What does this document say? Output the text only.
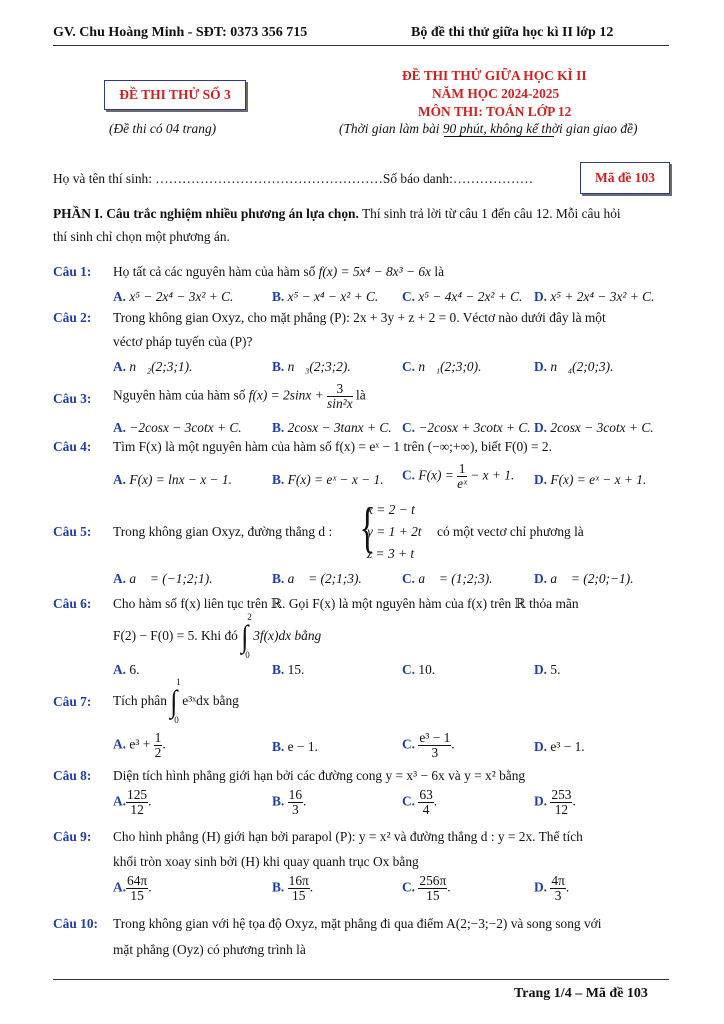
GV. Chu Hoàng Minh - SĐT: 0373 356 715	Bộ đề thi thử giữa học kì II lớp 12
ĐỀ THI THỬ SỐ 3
(Đề thi có 04 trang)
ĐỀ THI THỬ GIỮA HỌC KÌ II
NĂM HỌC 2024-2025
MÔN THI: TOÁN LỚP 12
(Thời gian làm bài 90 phút, không kể thời gian giao đề)
Họ và tên thí sinh: ……………………………………………Số báo danh:………………	Mã đề 103
PHẦN I. Câu trắc nghiệm nhiều phương án lựa chọn. Thí sinh trả lời từ câu 1 đến câu 12. Mỗi câu hỏi
thí sinh chỉ chọn một phương án.
Câu 1: Họ tất cả các nguyên hàm của hàm số f(x) = 5x⁴ − 8x³ − 6x là
A. x⁵ − 2x⁴ − 3x² + C.	B. x⁵ − x⁴ − x² + C. C. x⁵ − 4x⁴ − 2x² + C. D. x⁵ + 2x⁴ − 3x² + C.
Câu 2: Trong không gian Oxyz, cho mặt phẳng (P): 2x + 3y + z + 2 = 0. Véctơ nào dưới đây là một
véctơ pháp tuyến của (P)?
A. n⃗₂(2;3;1).	B. n⃗₃(2;3;2).	C. n⃗₁(2;3;0).	D. n⃗₄(2;0;3).
Câu 3: Nguyên hàm của hàm số $f(x) = 2\sin x + \frac{3}{\text{sin²x}}$ là
A. −2cosx − 3cotx + C. B. 2cosx − 3tanx + C. C. −2cosx + 3cotx + C. D. 2cosx − 3cotx + C.
Câu 4: Tìm F(x) là một nguyên hàm của hàm số f(x) = eˣ − 1 trên (−∞;+∞), biết F(0) = 2.
A. F(x) = lnx − x − 1.	B. F(x) = eˣ − x − 1. C. $F(x) = \frac{1}{\text{eˣ}} - x + 1$. D. F(x) = eˣ − x + 1.
Câu 5: Trong không gian Oxyz, đường thẳng d : {
x = 2 − t
y = 1 + 2t
z = 3 + t
có một vectơ chỉ phương là
A. a⃗ = (−1;2;1).	B. a⃗ = (2;1;3).	C. a⃗ = (1;2;3).	D. a⃗ = (2;0;−1).
Câu 6: Cho hàm số f(x) liên tục trên ℝ. Gọi F(x) là một nguyên hàm của f(x) trên ℝ thỏa mãn
F(2) − F(0) = 5. Khi đó
2
∫
0
3f(x)dx bằng
A. 6.	B. 15.	C. 10.	D. 5.
Câu 7: Tích phân
1
∫
0
e³ˣdx bằng
A. $e^3 + \frac{1}{2}$ .	B. e − 1.	C. $\frac{\text{e³ − 1}}{3}$ .	D. e³ − 1.
Câu 8: Diện tích hình phẳng giới hạn bởi các đường cong y = x³ − 6x và y = x² bằng
A. $\frac{125}{12}$ .	B. $\frac{16}{3}$ .	C. $\frac{63}{4}$ .	D. $\frac{253}{12}$ .
Câu 9: Cho hình phẳng (H) giới hạn bởi parapol (P): y = x² và đường thẳng d : y = 2x. Thể tích
khối tròn xoay sinh bởi (H) khi quay quanh trục Ox bằng
A. $\frac{64\pi}{15}$ .	B. $\frac{16\pi}{15}$ .	C. $\frac{256\pi}{15}$ .	D. $\frac{4\pi}{3}$ .
Câu 10: Trong không gian với hệ tọa độ Oxyz, mặt phẳng đi qua điểm A(2;−3;−2) và song song với
mặt phẳng (Oyz) có phương trình là
Trang 1/4 – Mã đề 103
